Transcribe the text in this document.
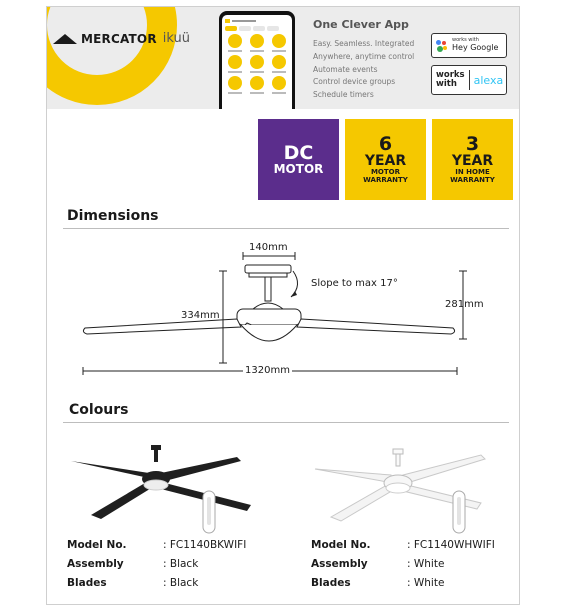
MERCATOR ikuü
One Clever App
Easy. Seamless. Integrated
Anywhere, anytime control
Automate events
Control device groups
Schedule timers
works with
Hey Google
works
with	alexa
DC
MOTOR
6
YEAR
MOTOR
WARRANTY
3
YEAR
IN HOME
WARRANTY
Dimensions
140mm
Slope to max 17°
334mm
281mm
1320mm
Colours
Model No.	: FC1140BKWIFI
Assembly	: Black
Blades	: Black
Model No.	: FC1140WHWIFI
Assembly	: White
Blades	: White
